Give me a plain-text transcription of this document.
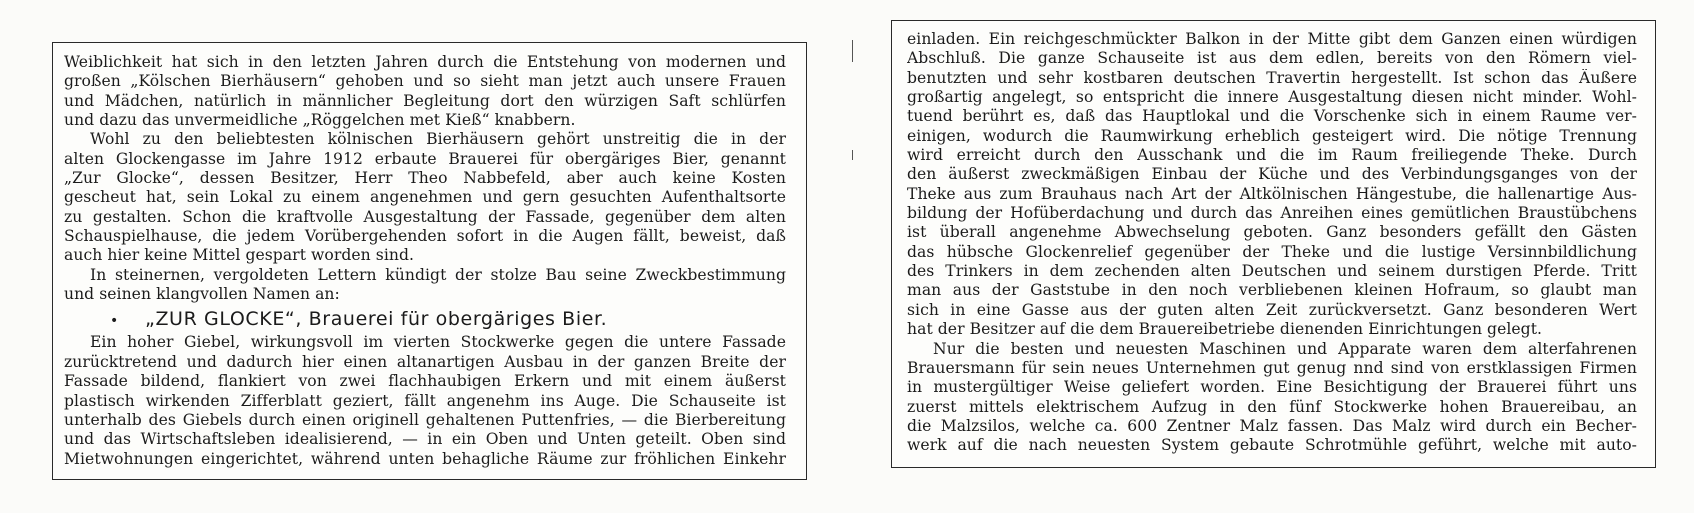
Weiblichkeit hat sich in den letzten Jahren durch die Entstehung von modernen und
großen „Kölschen Bierhäusern“ gehoben und so sieht man jetzt auch unsere Frauen
und Mädchen, natürlich in männlicher Begleitung dort den würzigen Saft schlürfen
und dazu das unvermeidliche „Röggelchen met Kieß“ knabbern.
Wohl zu den beliebtesten kölnischen Bierhäusern gehört unstreitig die in der
alten Glockengasse im Jahre 1912 erbaute Brauerei für obergäriges Bier, genannt
„Zur Glocke“, dessen Besitzer, Herr Theo Nabbefeld, aber auch keine Kosten
gescheut hat, sein Lokal zu einem angenehmen und gern gesuchten Aufenthaltsorte
zu gestalten. Schon die kraftvolle Ausgestaltung der Fassade, gegenüber dem alten
Schauspielhause, die jedem Vorübergehenden sofort in die Augen fällt, beweist, daß
auch hier keine Mittel gespart worden sind.
In steinernen, vergoldeten Lettern kündigt der stolze Bau seine Zweckbestimmung
und seinen klangvollen Namen an:
• „ZUR GLOCKE“, Brauerei für obergäriges Bier.
Ein hoher Giebel, wirkungsvoll im vierten Stockwerke gegen die untere Fassade
zurücktretend und dadurch hier einen altanartigen Ausbau in der ganzen Breite der
Fassade bildend, flankiert von zwei flachhaubigen Erkern und mit einem äußerst
plastisch wirkenden Zifferblatt geziert, fällt angenehm ins Auge. Die Schauseite ist
unterhalb des Giebels durch einen originell gehaltenen Puttenfries, — die Bierbereitung
und das Wirtschaftsleben idealisierend, — in ein Oben und Unten geteilt. Oben sind
Mietwohnungen eingerichtet, während unten behagliche Räume zur fröhlichen Einkehr
einladen. Ein reichgeschmückter Balkon in der Mitte gibt dem Ganzen einen würdigen
Abschluß. Die ganze Schauseite ist aus dem edlen, bereits von den Römern viel-
benutzten und sehr kostbaren deutschen Travertin hergestellt. Ist schon das Äußere
großartig angelegt, so entspricht die innere Ausgestaltung diesen nicht minder. Wohl-
tuend berührt es, daß das Hauptlokal und die Vorschenke sich in einem Raume ver-
einigen, wodurch die Raumwirkung erheblich gesteigert wird. Die nötige Trennung
wird erreicht durch den Ausschank und die im Raum freiliegende Theke. Durch
den äußerst zweckmäßigen Einbau der Küche und des Verbindungsganges von der
Theke aus zum Brauhaus nach Art der Altkölnischen Hängestube, die hallenartige Aus-
bildung der Hofüberdachung und durch das Anreihen eines gemütlichen Braustübchens
ist überall angenehme Abwechselung geboten. Ganz besonders gefällt den Gästen
das hübsche Glockenrelief gegenüber der Theke und die lustige Versinnbildlichung
des Trinkers in dem zechenden alten Deutschen und seinem durstigen Pferde. Tritt
man aus der Gaststube in den noch verbliebenen kleinen Hofraum, so glaubt man
sich in eine Gasse aus der guten alten Zeit zurückversetzt. Ganz besonderen Wert
hat der Besitzer auf die dem Brauereibetriebe dienenden Einrichtungen gelegt.
Nur die besten und neuesten Maschinen und Apparate waren dem alterfahrenen
Brauersmann für sein neues Unternehmen gut genug nnd sind von erstklassigen Firmen
in mustergültiger Weise geliefert worden. Eine Besichtigung der Brauerei führt uns
zuerst mittels elektrischem Aufzug in den fünf Stockwerke hohen Brauereibau, an
die Malzsilos, welche ca. 600 Zentner Malz fassen. Das Malz wird durch ein Becher-
werk auf die nach neuesten System gebaute Schrotmühle geführt, welche mit auto-
